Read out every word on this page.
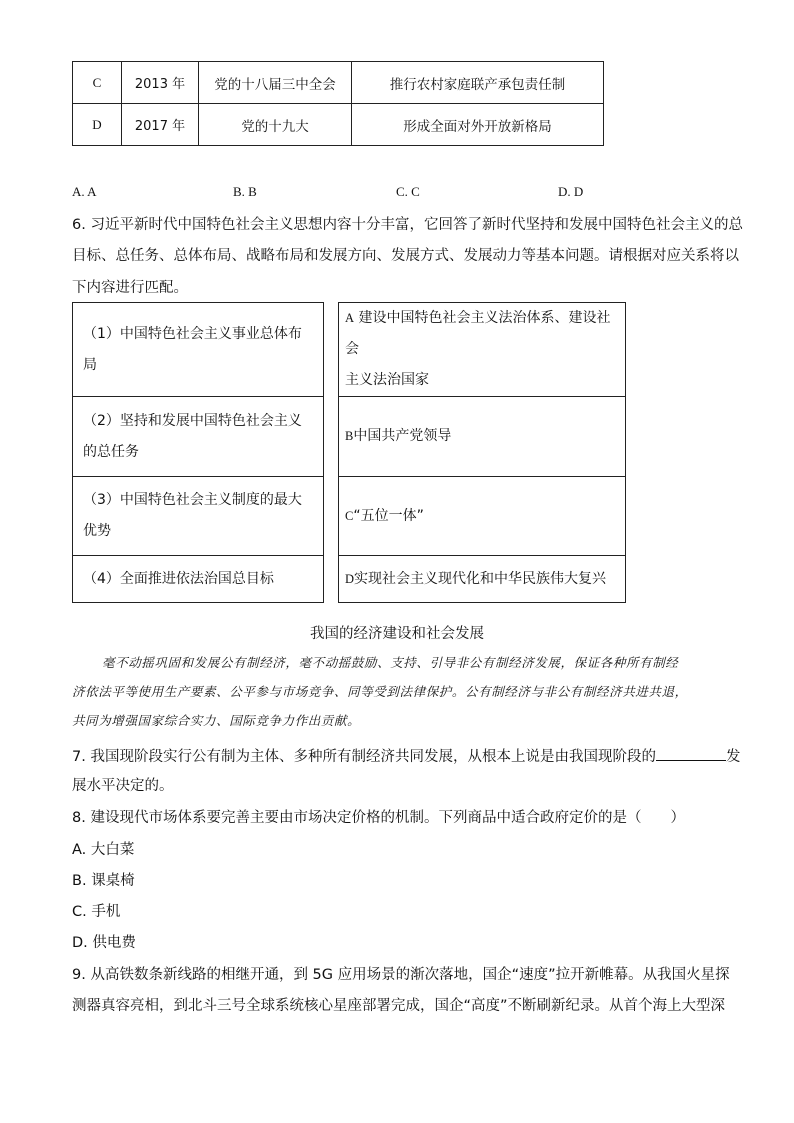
C	2013 年	党的十八届三中全会	推行农村家庭联产承包责任制
D	2017 年	党的十九大	形成全面对外开放新格局
A. A	B. B	C. C	D. D
6. 习近平新时代中国特色社会主义思想内容十分丰富，它回答了新时代坚持和发展中国特色社会主义的总
目标、总任务、总体布局、战略布局和发展方向、发展方式、发展动力等基本问题。请根据对应关系将以
下内容进行匹配。
（1）中国特色社会主义事业总体布
局		A 建设中国特色社会主义法治体系、建设社会
主义法治国家
（2）坚持和发展中国特色社会主义
的总任务		B中国共产党领导
（3）中国特色社会主义制度的最大
优势		C“五位一体”
（4）全面推进依法治国总目标		D实现社会主义现代化和中华民族伟大复兴
我国的经济建设和社会发展
毫不动摇巩固和发展公有制经济，毫不动摇鼓励、支持、引导非公有制经济发展，保证各种所有制经
济依法平等使用生产要素、公平参与市场竞争、同等受到法律保护。公有制经济与非公有制经济共进共退，
共同为增强国家综合实力、国际竞争力作出贡献。
7. 我国现阶段实行公有制为主体、多种所有制经济共同发展，从根本上说是由我国现阶段的	发
展水平决定的。
8. 建设现代市场体系要完善主要由市场决定价格的机制。下列商品中适合政府定价的是（　　）
A. 大白菜
B. 课桌椅
C. 手机
D. 供电费
9. 从高铁数条新线路的相继开通，到 5G 应用场景的渐次落地，国企“速度”拉开新帷幕。从我国火星探
测器真容亮相，到北斗三号全球系统核心星座部署完成，国企“高度”不断刷新纪录。从首个海上大型深
